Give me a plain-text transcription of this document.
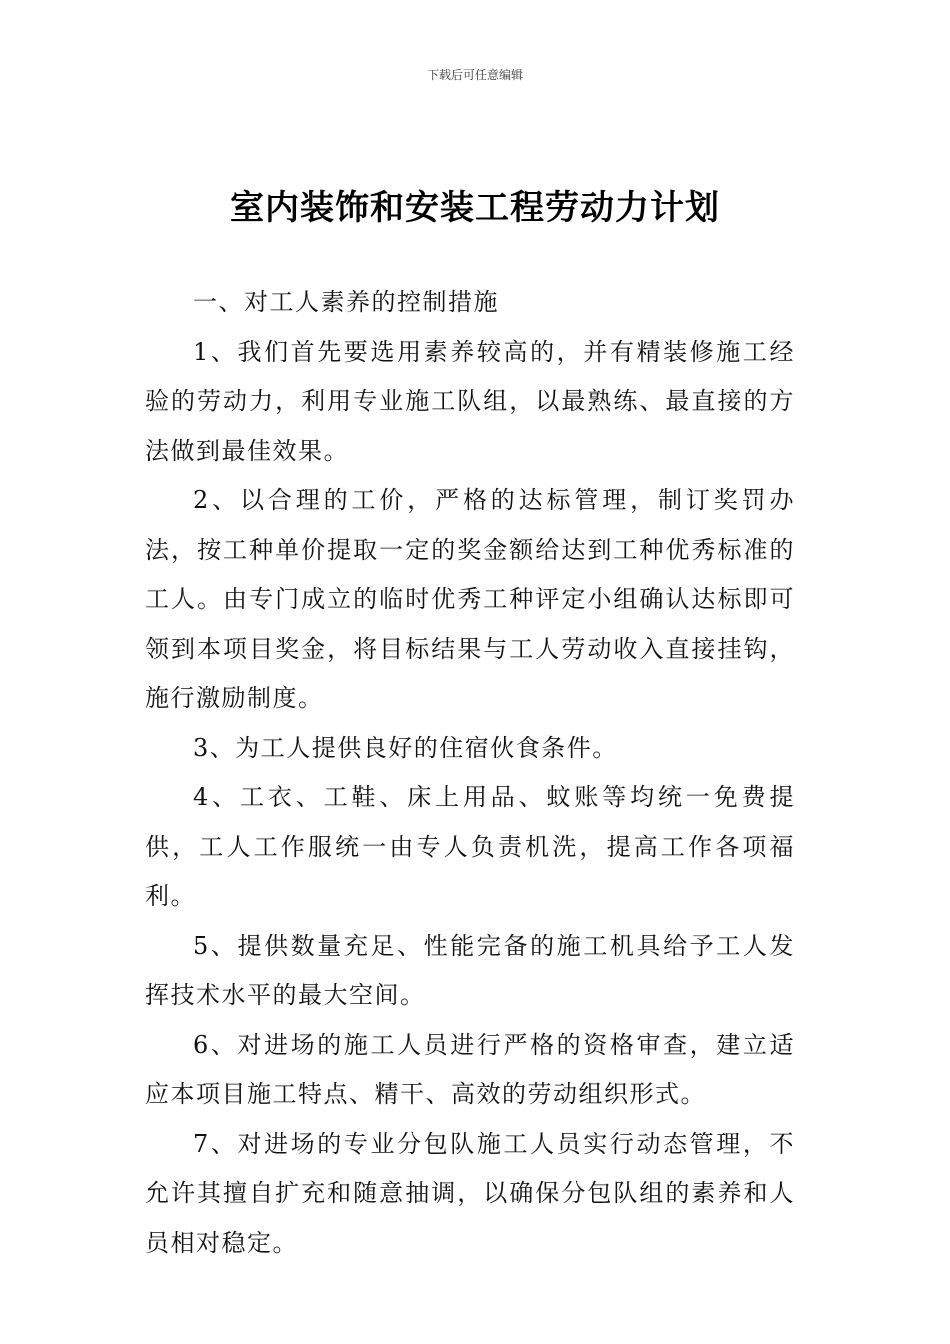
下载后可任意编辑
室内装饰和安装工程劳动力计划

一、对工人素养的控制措施

1、我们首先要选用素养较高的，并有精装修施工经验的劳动力，利用专业施工队组，以最熟练、最直接的方法做到最佳效果。

2、以合理的工价，严格的达标管理，制订奖罚办法，按工种单价提取一定的奖金额给达到工种优秀标准的工人。由专门成立的临时优秀工种评定小组确认达标即可领到本项目奖金，将目标结果与工人劳动收入直接挂钩，施行激励制度。

3、为工人提供良好的住宿伙食条件。

4、工衣、工鞋、床上用品、蚊账等均统一免费提供，工人工作服统一由专人负责机洗，提高工作各项福利。

5、提供数量充足、性能完备的施工机具给予工人发挥技术水平的最大空间。

6、对进场的施工人员进行严格的资格审查，建立适应本项目施工特点、精干、高效的劳动组织形式。

7、对进场的专业分包队施工人员实行动态管理，不允许其擅自扩充和随意抽调，以确保分包队组的素养和人员相对稳定。
